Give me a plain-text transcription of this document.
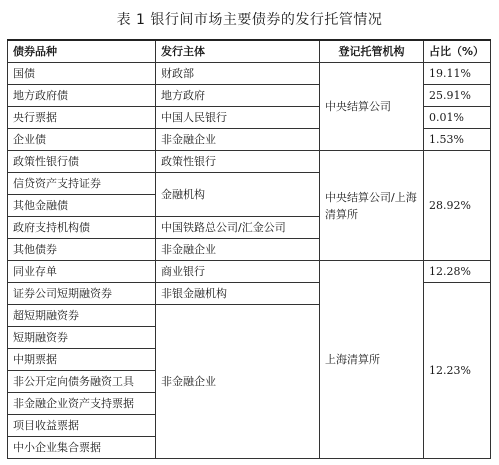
表 1 银行间市场主要债券的发行托管情况
债券品种	发行主体	登记托管机构	占比（%）
国债	财政部	中央结算公司	19.11%
地方政府债	地方政府		25.91%
央行票据	中国人民银行		0.01%
企业债	非金融企业		1.53%
政策性银行债	政策性银行	中央结算公司/上海清算所	28.92%
信贷资产支持证券	金融机构		
其他金融债			
政府支持机构债	中国铁路总公司/汇金公司		
其他债券	非金融企业		
同业存单	商业银行	上海清算所	12.28%
证券公司短期融资券	非银金融机构		12.23%
超短期融资券	非金融企业		
短期融资券			
中期票据			
非公开定向债务融资工具			
非金融企业资产支持票据			
项目收益票据			
中小企业集合票据			
